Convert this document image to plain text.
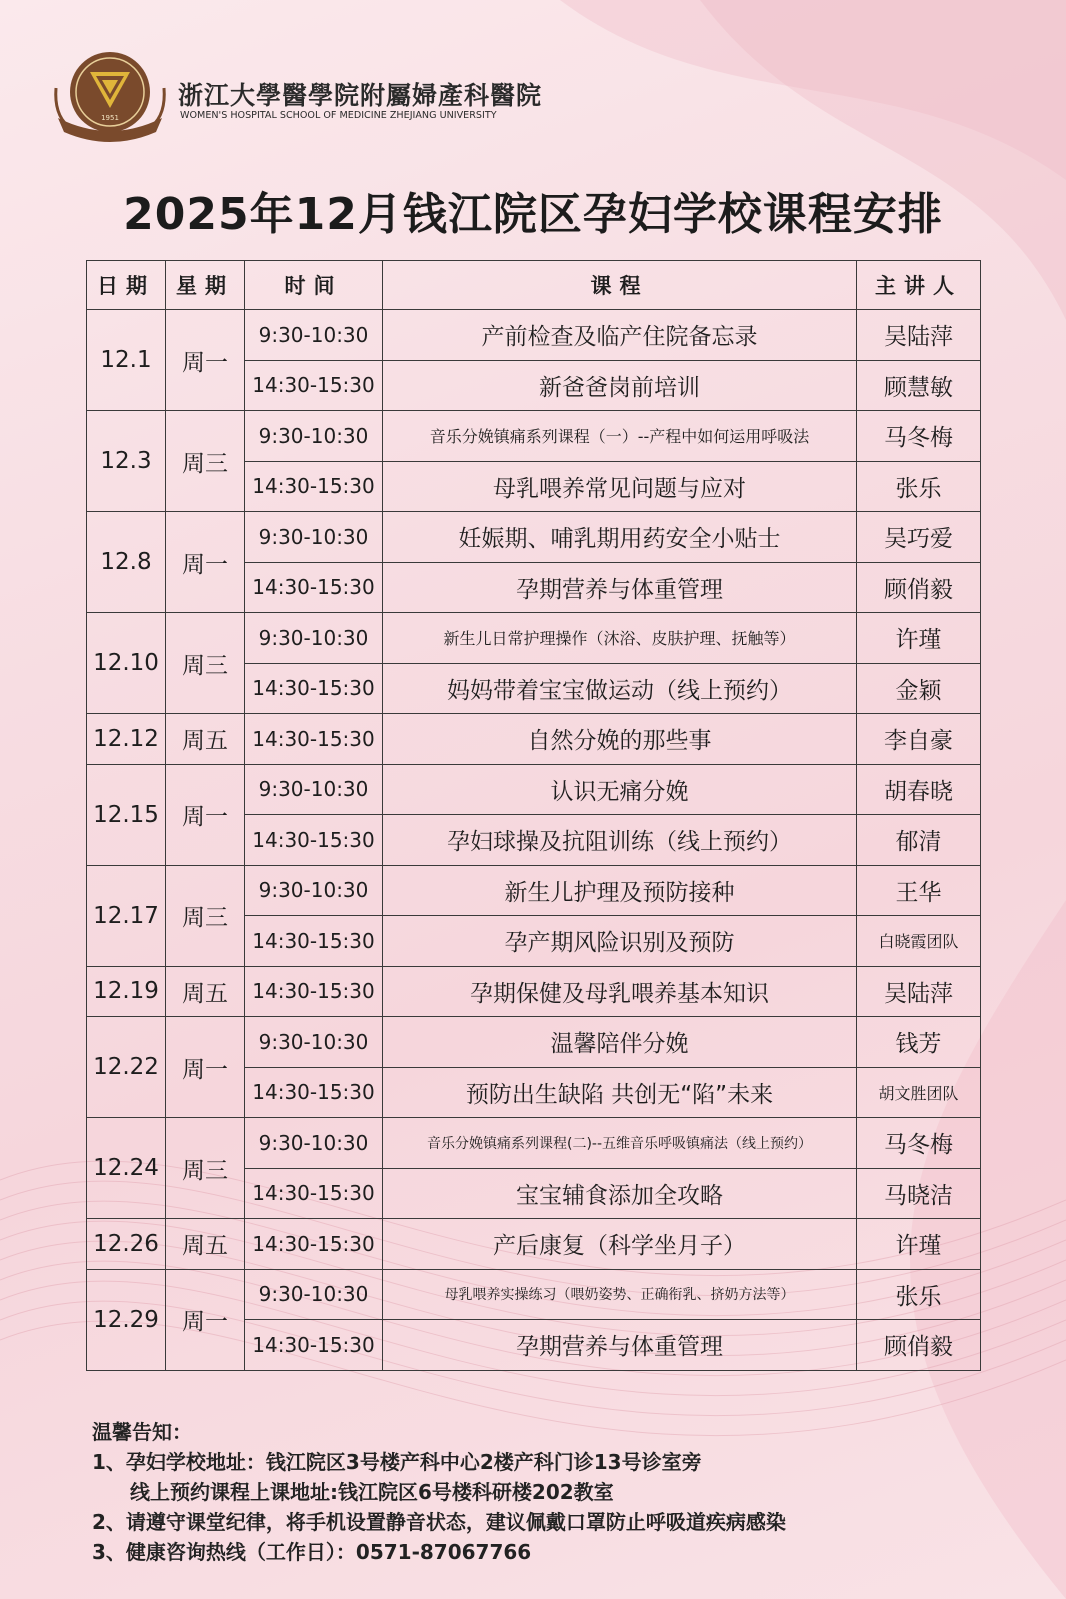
1951
浙江大學醫學院附屬婦產科醫院
WOMEN'S HOSPITAL SCHOOL OF MEDICINE ZHEJIANG UNIVERSITY
2025年12月钱江院区孕妇学校课程安排
日期	星期	时间	课程	主讲人
12.1	周一	9:30-10:30	产前检查及临产住院备忘录	吴陆萍
		14:30-15:30	新爸爸岗前培训	顾慧敏
12.3	周三	9:30-10:30	音乐分娩镇痛系列课程（一）--产程中如何运用呼吸法	马冬梅
		14:30-15:30	母乳喂养常见问题与应对	张乐
12.8	周一	9:30-10:30	妊娠期、哺乳期用药安全小贴士	吴巧爱
		14:30-15:30	孕期营养与体重管理	顾俏毅
12.10	周三	9:30-10:30	新生儿日常护理操作（沐浴、皮肤护理、抚触等）	许瑾
		14:30-15:30	妈妈带着宝宝做运动（线上预约）	金颖
12.12	周五	14:30-15:30	自然分娩的那些事	李自豪
12.15	周一	9:30-10:30	认识无痛分娩	胡春晓
		14:30-15:30	孕妇球操及抗阻训练（线上预约）	郁清
12.17	周三	9:30-10:30	新生儿护理及预防接种	王华
		14:30-15:30	孕产期风险识别及预防	白晓霞团队
12.19	周五	14:30-15:30	孕期保健及母乳喂养基本知识	吴陆萍
12.22	周一	9:30-10:30	温馨陪伴分娩	钱芳
		14:30-15:30	预防出生缺陷 共创无“陷”未来	胡文胜团队
12.24	周三	9:30-10:30	音乐分娩镇痛系列课程(二)--五维音乐呼吸镇痛法（线上预约）	马冬梅
		14:30-15:30	宝宝辅食添加全攻略	马晓洁
12.26	周五	14:30-15:30	产后康复（科学坐月子）	许瑾
12.29	周一	9:30-10:30	母乳喂养实操练习（喂奶姿势、正确衔乳、挤奶方法等）	张乐
		14:30-15:30	孕期营养与体重管理	顾俏毅
温馨告知：
1、孕妇学校地址：钱江院区3号楼产科中心2楼产科门诊13号诊室旁
线上预约课程上课地址:钱江院区6号楼科研楼202教室
2、请遵守课堂纪律，将手机设置静音状态，建议佩戴口罩防止呼吸道疾病感染
3、健康咨询热线（工作日）：0571-87067766
